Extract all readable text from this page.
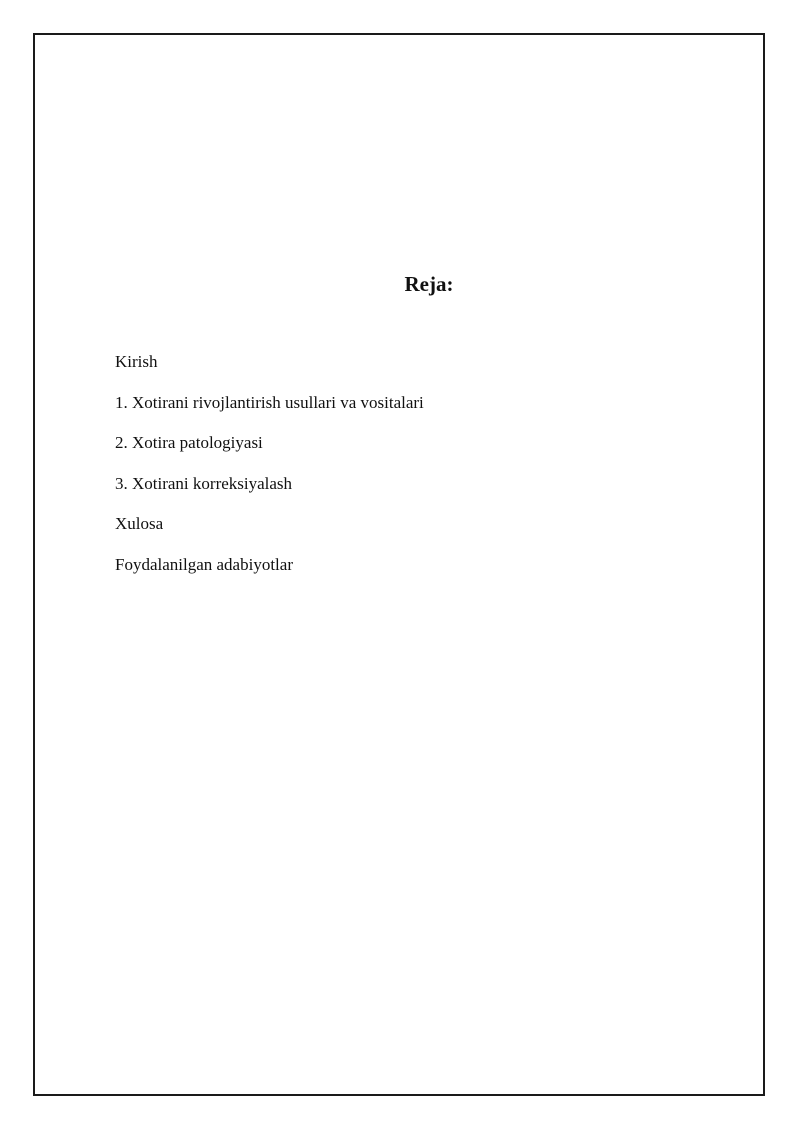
Reja:
Kirish
1. Xotirani rivojlantirish usullari va vositalari
2. Xotira patologiyasi
3. Xotirani korreksiyalash
Xulosa
Foydalanilgan adabiyotlar
